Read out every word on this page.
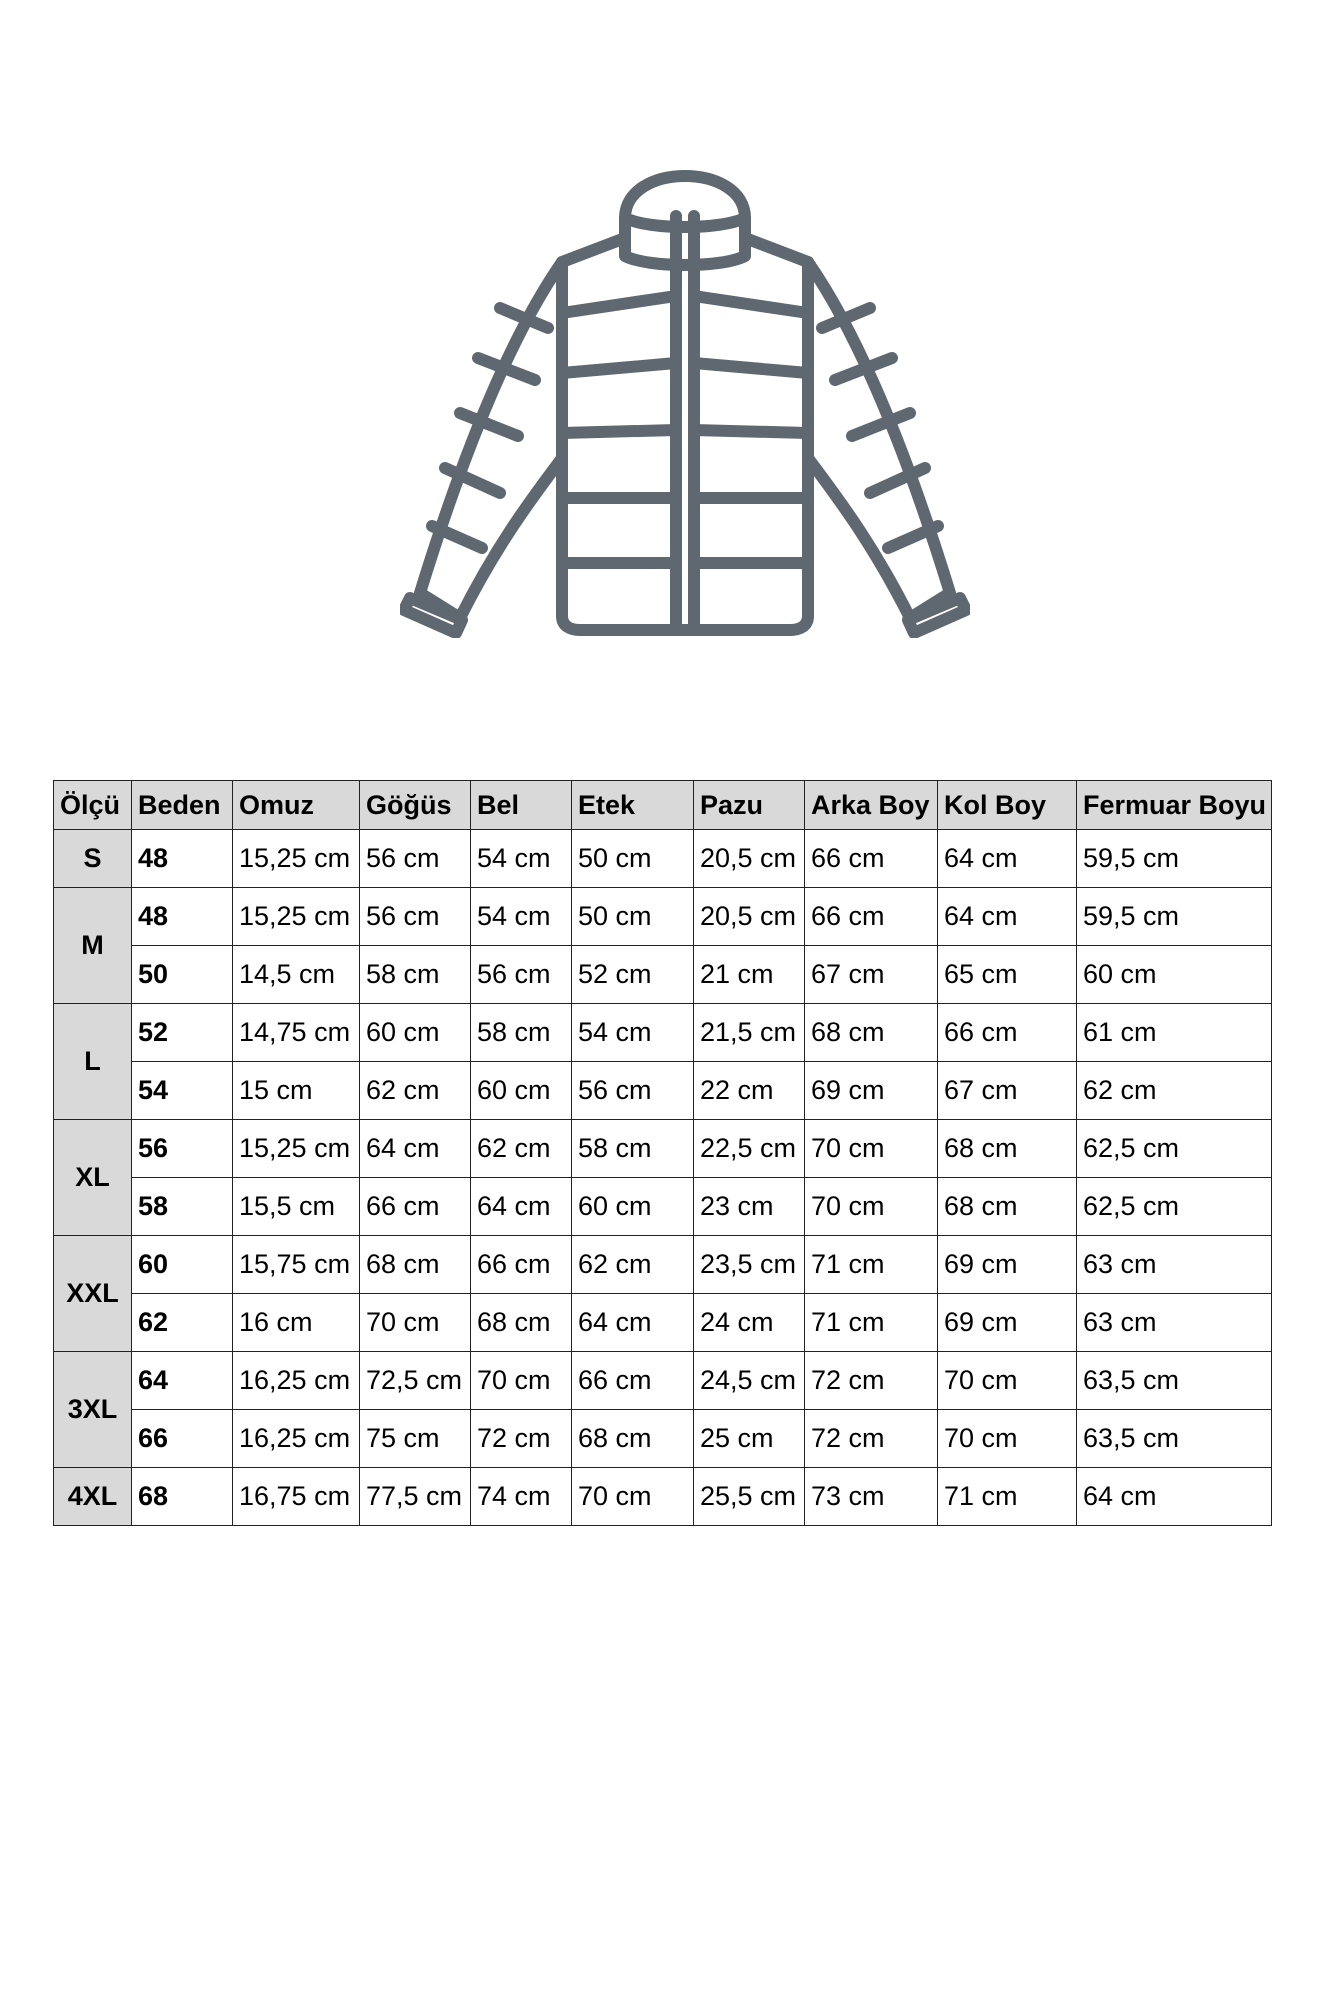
Ölçü	Beden	Omuz	Göğüs	Bel	Etek	Pazu	Arka Boy	Kol Boy	Fermuar Boyu
S	48	15,25 cm	56 cm	54 cm	50 cm	20,5 cm	66 cm	64 cm	59,5 cm
M	48	15,25 cm	56 cm	54 cm	50 cm	20,5 cm	66 cm	64 cm	59,5 cm
	50	14,5 cm	58 cm	56 cm	52 cm	21 cm	67 cm	65 cm	60 cm
L	52	14,75 cm	60 cm	58 cm	54 cm	21,5 cm	68 cm	66 cm	61 cm
	54	15 cm	62 cm	60 cm	56 cm	22 cm	69 cm	67 cm	62 cm
XL	56	15,25 cm	64 cm	62 cm	58 cm	22,5 cm	70 cm	68 cm	62,5 cm
	58	15,5 cm	66 cm	64 cm	60 cm	23 cm	70 cm	68 cm	62,5 cm
XXL	60	15,75 cm	68 cm	66 cm	62 cm	23,5 cm	71 cm	69 cm	63 cm
	62	16 cm	70 cm	68 cm	64 cm	24 cm	71 cm	69 cm	63 cm
3XL	64	16,25 cm	72,5 cm	70 cm	66 cm	24,5 cm	72 cm	70 cm	63,5 cm
	66	16,25 cm	75 cm	72 cm	68 cm	25 cm	72 cm	70 cm	63,5 cm
4XL	68	16,75 cm	77,5 cm	74 cm	70 cm	25,5 cm	73 cm	71 cm	64 cm
